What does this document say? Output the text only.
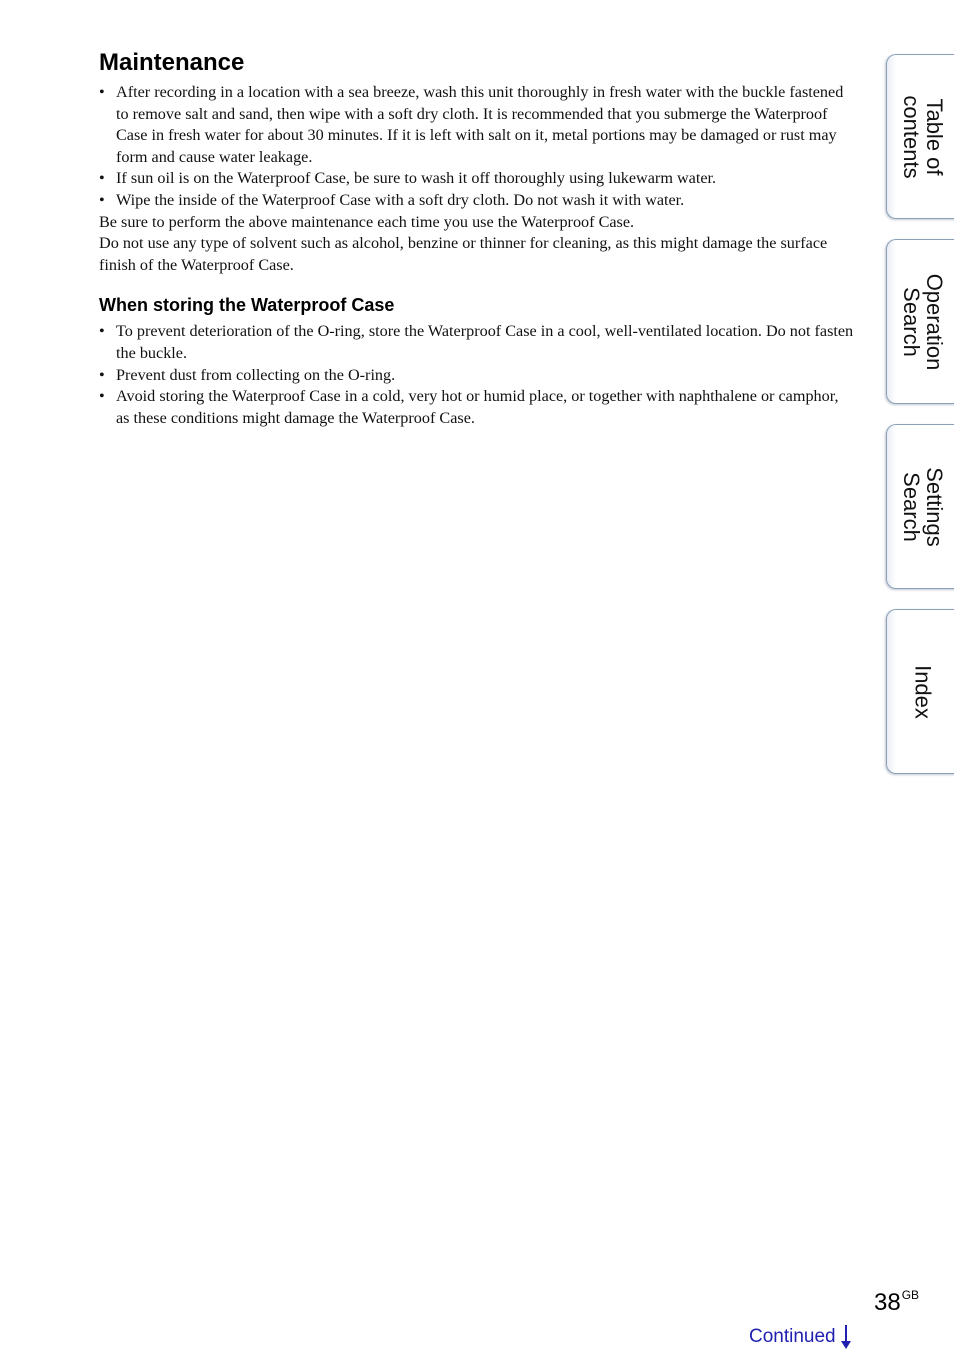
Maintenance
• After recording in a location with a sea breeze, wash this unit thoroughly in fresh water with the buckle fastened to remove salt and sand, then wipe with a soft dry cloth. It is recommended that you submerge the Waterproof Case in fresh water for about 30 minutes. If it is left with salt on it, metal portions may be damaged or rust may form and cause water leakage.
• If sun oil is on the Waterproof Case, be sure to wash it off thoroughly using lukewarm water.
• Wipe the inside of the Waterproof Case with a soft dry cloth. Do not wash it with water.

Be sure to perform the above maintenance each time you use the Waterproof Case.

Do not use any type of solvent such as alcohol, benzine or thinner for cleaning, as this might damage the surface finish of the Waterproof Case.

When storing the Waterproof Case
• To prevent deterioration of the O-ring, store the Waterproof Case in a cool, well-ventilated location. Do not fasten the buckle.
• Prevent dust from collecting on the O-ring.
• Avoid storing the Waterproof Case in a cold, very hot or humid place, or together with naphthalene or camphor, as these conditions might damage the Waterproof Case.
Table of
contents
Operation
Search
Settings
Search
Index
$38^{GB}$
Continued
